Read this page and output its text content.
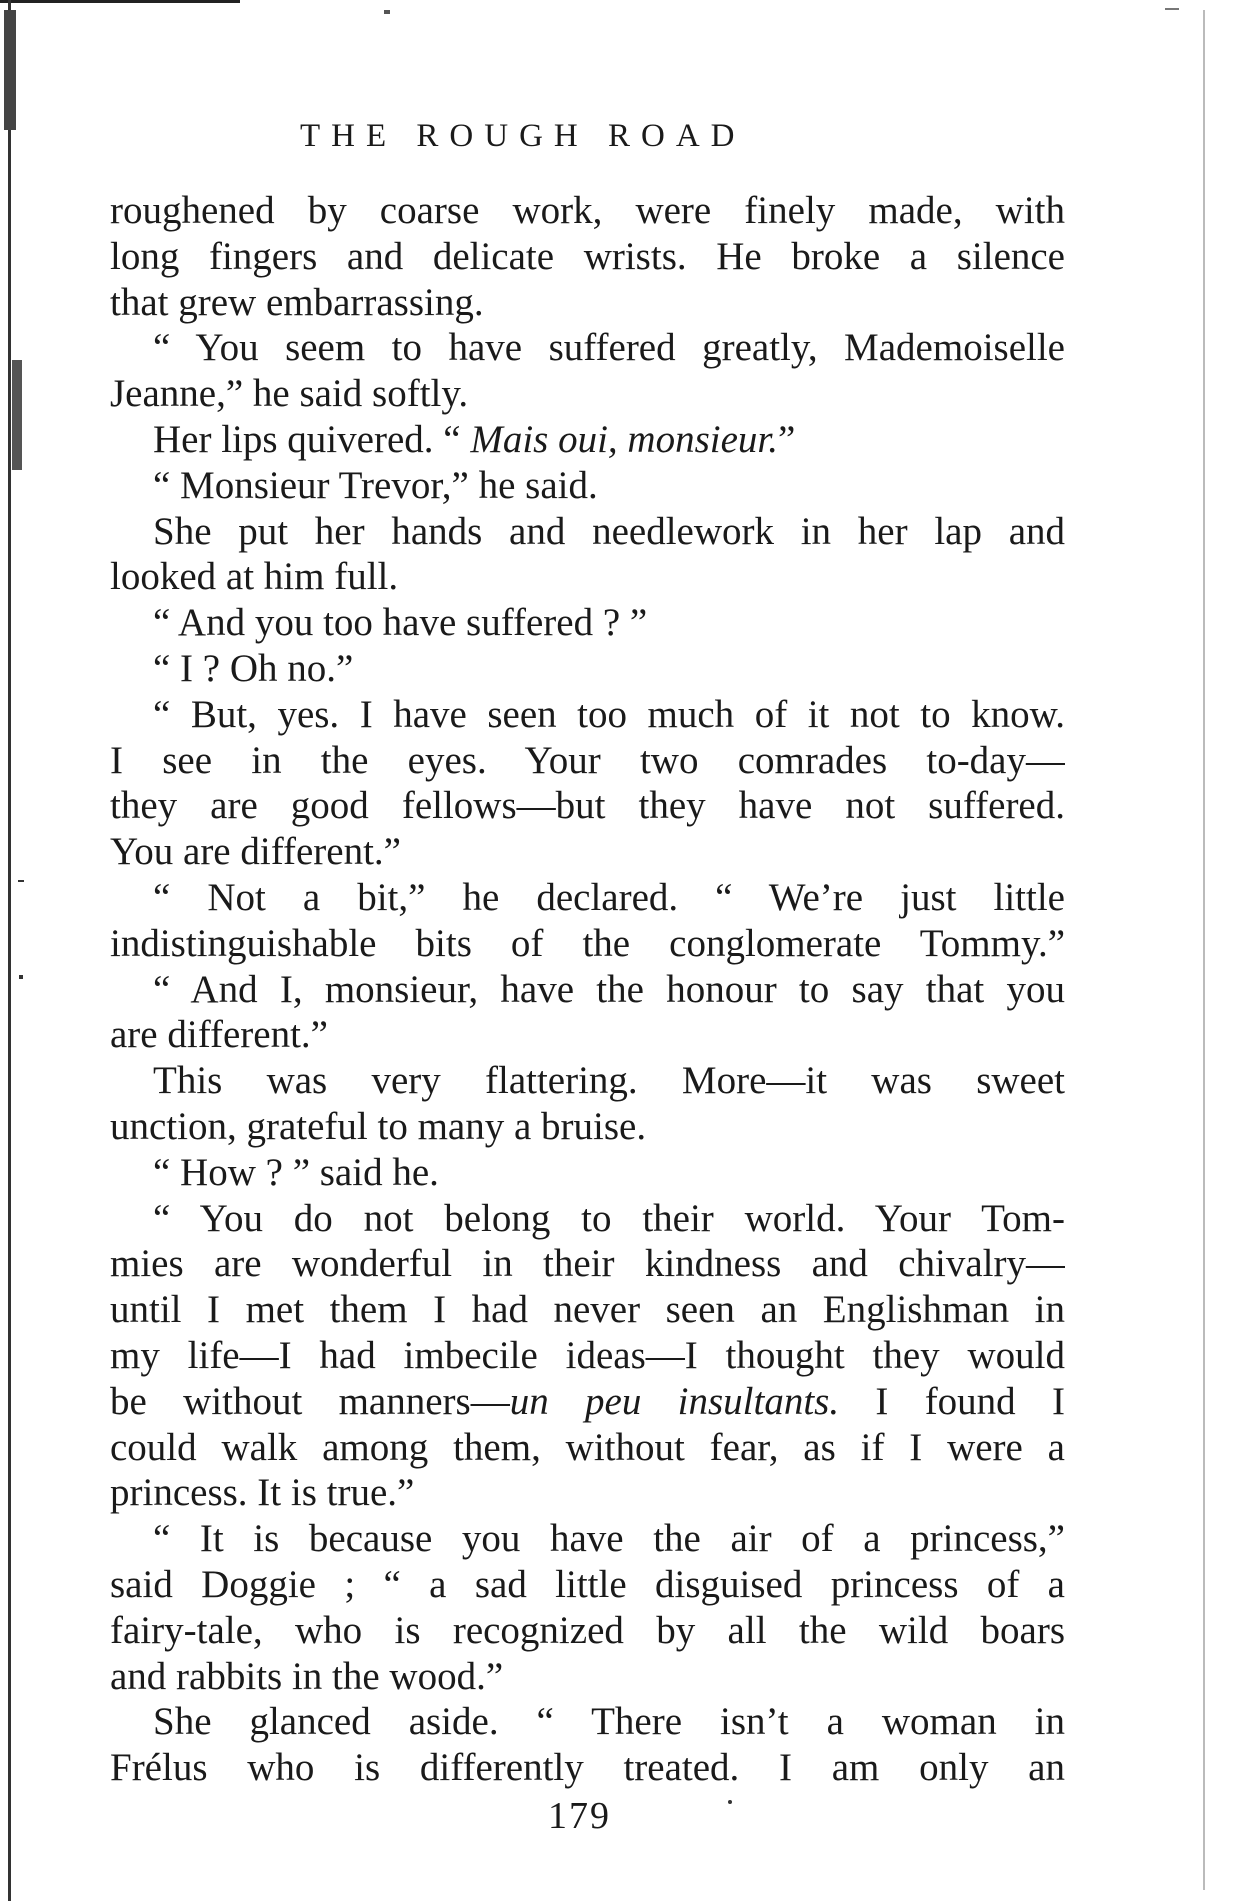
THE ROUGH ROAD
roughened by coarse work, were finely made, with
long fingers and delicate wrists. He broke a silence
that grew embarrassing.
“ You seem to have suffered greatly, Mademoiselle
Jeanne,” he said softly.
Her lips quivered. “ Mais oui, monsieur.”
“ Monsieur Trevor,” he said.
She put her hands and needlework in her lap and
looked at him full.
“ And you too have suffered ? ”
“ I ? Oh no.”
“ But, yes. I have seen too much of it not to know.
I see in the eyes. Your two comrades to-day—
they are good fellows—but they have not suffered.
You are different.”
“ Not a bit,” he declared. “ We’re just little
indistinguishable bits of the conglomerate Tommy.”
“ And I, monsieur, have the honour to say that you
are different.”
This was very flattering. More—it was sweet
unction, grateful to many a bruise.
“ How ? ” said he.
“ You do not belong to their world. Your Tom-
mies are wonderful in their kindness and chivalry—
until I met them I had never seen an Englishman in
my life—I had imbecile ideas—I thought they would
be without manners—un peu insultants. I found I
could walk among them, without fear, as if I were a
princess. It is true.”
“ It is because you have the air of a princess,”
said Doggie ; “ a sad little disguised princess of a
fairy-tale, who is recognized by all the wild boars
and rabbits in the wood.”
She glanced aside. “ There isn’t a woman in
Frélus who is differently treated. I am only an
179
